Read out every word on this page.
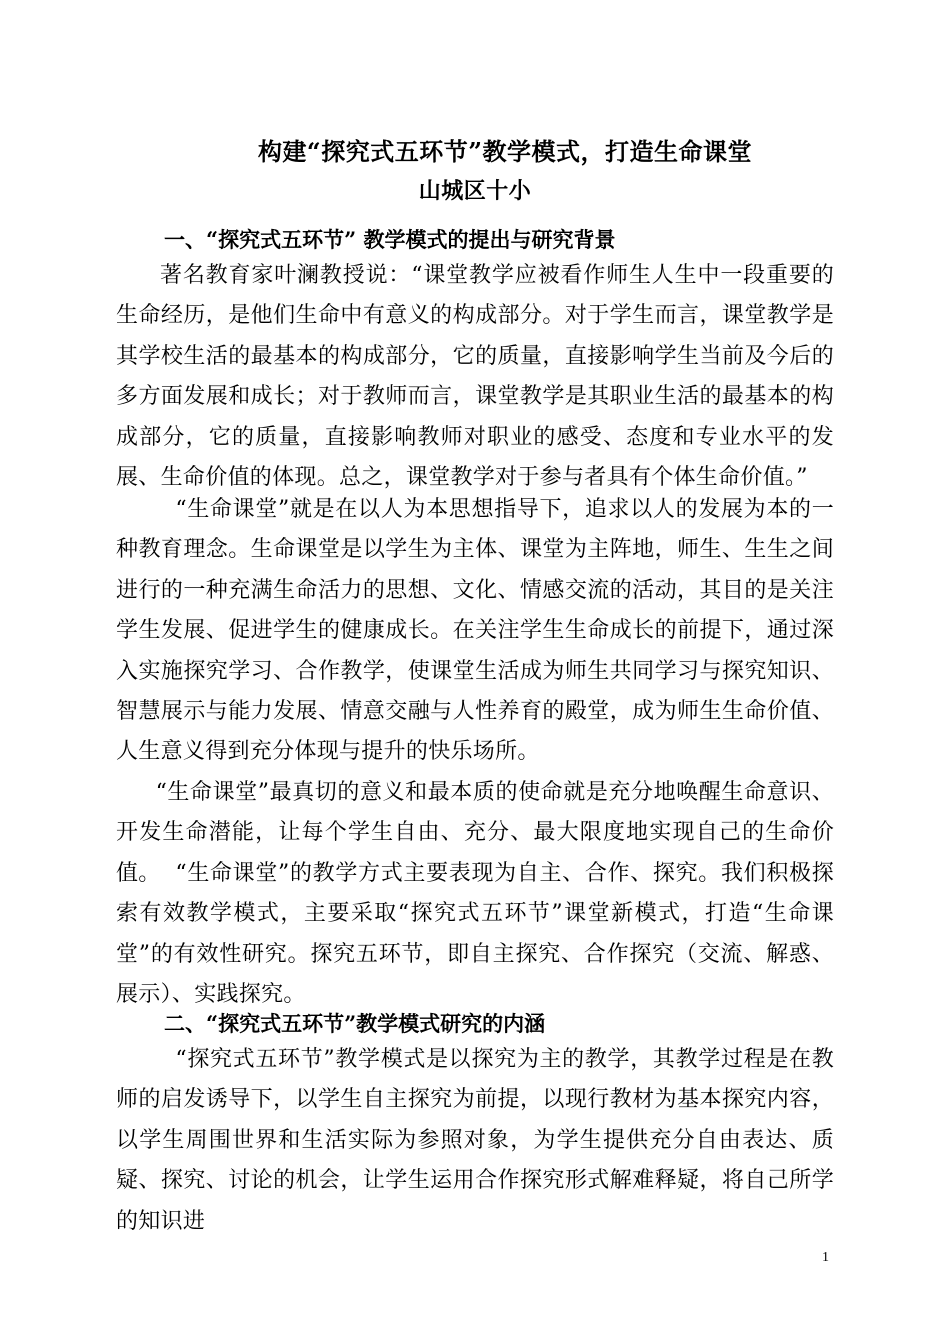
构建“探究式五环节”教学模式，打造生命课堂
山城区十小
一、“探究式五环节” 教学模式的提出与研究背景
著名教育家叶澜教授说：“课堂教学应被看作师生人生中一段重要的生命经历，是他们生命中有意义的构成部分。对于学生而言，课堂教学是其学校生活的最基本的构成部分，它的质量，直接影响学生当前及今后的多方面发展和成长；对于教师而言，课堂教学是其职业生活的最基本的构成部分，它的质量，直接影响教师对职业的感受、态度和专业水平的发展、生命价值的体现。总之，课堂教学对于参与者具有个体生命价值。”
“生命课堂”就是在以人为本思想指导下，追求以人的发展为本的一种教育理念。生命课堂是以学生为主体、课堂为主阵地，师生、生生之间进行的一种充满生命活力的思想、文化、情感交流的活动，其目的是关注学生发展、促进学生的健康成长。在关注学生生命成长的前提下，通过深入实施探究学习、合作教学，使课堂生活成为师生共同学习与探究知识、智慧展示与能力发展、情意交融与人性养育的殿堂，成为师生生命价值、人生意义得到充分体现与提升的快乐场所。
“生命课堂”最真切的意义和最本质的使命就是充分地唤醒生命意识、开发生命潜能，让每个学生自由、充分、最大限度地实现自己的生命价值。 “生命课堂”的教学方式主要表现为自主、合作、探究。我们积极探索有效教学模式，主要采取“探究式五环节”课堂新模式，打造“生命课堂”的有效性研究。探究五环节，即自主探究、合作探究（交流、解惑、展示）、实践探究。
二、“探究式五环节”教学模式研究的内涵
“探究式五环节”教学模式是以探究为主的教学，其教学过程是在教师的启发诱导下，以学生自主探究为前提，以现行教材为基本探究内容，以学生周围世界和生活实际为参照对象，为学生提供充分自由表达、质疑、探究、讨论的机会，让学生运用合作探究形式解难释疑，将自己所学的知识进
1
